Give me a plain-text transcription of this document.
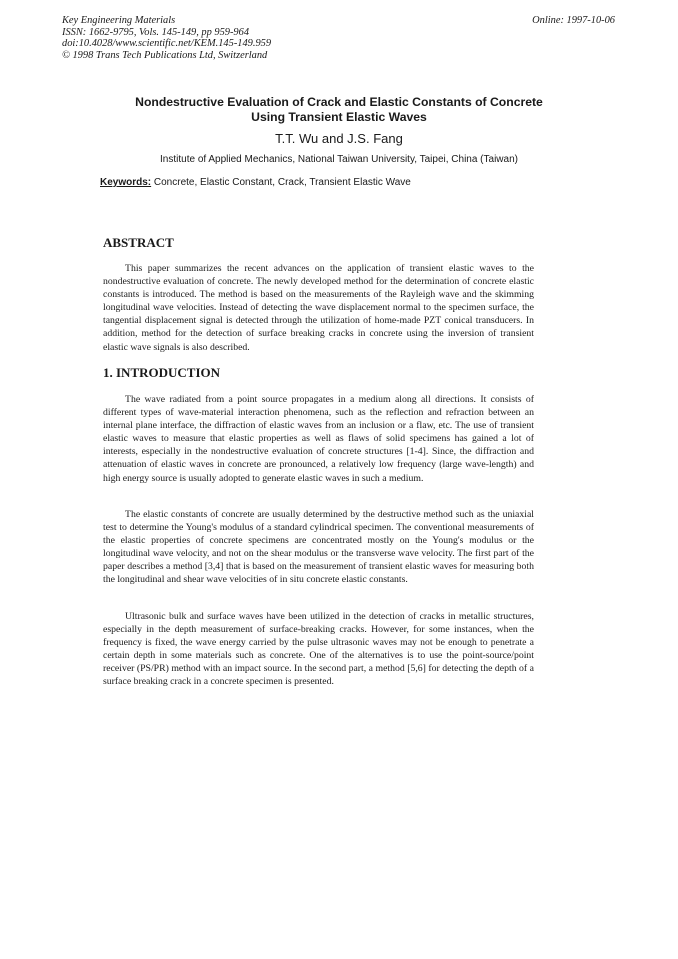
Key Engineering Materials
ISSN: 1662-9795, Vols. 145-149, pp 959-964
doi:10.4028/www.scientific.net/KEM.145-149.959
© 1998 Trans Tech Publications Ltd, Switzerland
Online: 1997-10-06
Nondestructive Evaluation of Crack and Elastic Constants of Concrete
Using Transient Elastic Waves
T.T. Wu and J.S. Fang
Institute of Applied Mechanics, National Taiwan University, Taipei, China (Taiwan)
Keywords: Concrete, Elastic Constant, Crack, Transient Elastic Wave
ABSTRACT

This paper summarizes the recent advances on the application of transient elastic waves to the nondestructive evaluation of concrete. The newly developed method for the determination of concrete elastic constants is introduced. The method is based on the measurements of the Rayleigh wave and the skimming longitudinal wave velocities. Instead of detecting the wave displacement normal to the specimen surface, the tangential displacement signal is detected through the utilization of home-made PZT conical transducers. In addition, method for the detection of surface breaking cracks in concrete using the inversion of transient elastic wave signals is also described.

1. INTRODUCTION

The wave radiated from a point source propagates in a medium along all directions. It consists of different types of wave-material interaction phenomena, such as the reflection and refraction between an internal plane interface, the diffraction of elastic waves from an inclusion or a flaw, etc. The use of transient elastic waves to measure that elastic properties as well as flaws of solid specimens has gained a lot of interests, especially in the nondestructive evaluation of concrete structures [1-4]. Since, the diffraction and attenuation of elastic waves in concrete are pronounced, a relatively low frequency (large wave-length) and high energy source is usually adopted to generate elastic waves in such a medium.

The elastic constants of concrete are usually determined by the destructive method such as the uniaxial test to determine the Young's modulus of a standard cylindrical specimen. The conventional measurements of the elastic properties of concrete specimens are concentrated mostly on the Young's modulus or the longitudinal wave velocity, and not on the shear modulus or the transverse wave velocity. The first part of the paper describes a method [3,4] that is based on the measurement of transient elastic waves for measuring both the longitudinal and shear wave velocities of in situ concrete elastic constants.

Ultrasonic bulk and surface waves have been utilized in the detection of cracks in metallic structures, especially in the depth measurement of surface-breaking cracks. However, for some instances, when the frequency is fixed, the wave energy carried by the pulse ultrasonic waves may not be enough to penetrate a certain depth in some materials such as concrete. One of the alternatives is to use the point-source/point receiver (PS/PR) method with an impact source. In the second part, a method [5,6] for detecting the depth of a surface breaking crack in a concrete specimen is presented.
